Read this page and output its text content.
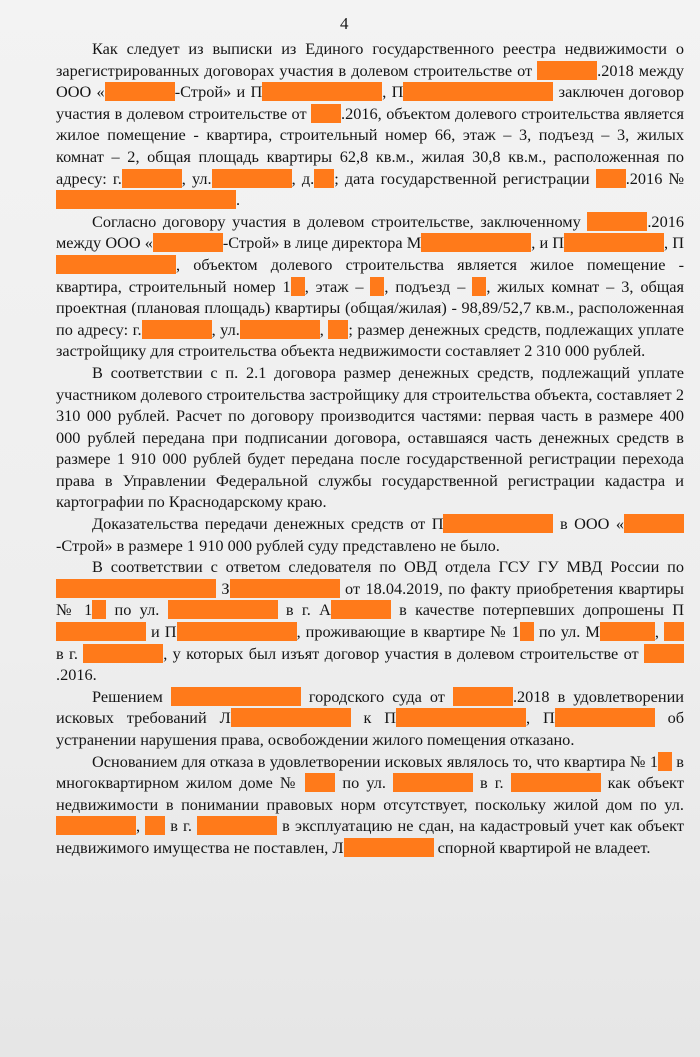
4

Как следует из выписки из Единого государственного реестра недвижимости о зарегистрированных договорах участия в долевом строительстве от	.2018 между ООО «	-Строй» и П	, П	заключен договор участия в долевом строительстве от .2016, объектом долевого строительства является жилое помещение - квартира, строительный номер 66, этаж – 3, подъезд – 3, жилых комнат – 2, общая площадь квартиры 62,8 кв.м., жилая 30,8 кв.м., расположенная по адресу: г.	, ул.	, д. ; дата государственной регистрации .2016 №.

Согласно договору участия в долевом строительстве, заключенному	.2016 между ООО «	-Строй» в лице директора М	, и П	, П, объектом долевого строительства является жилое помещение - квартира, строительный номер 1 , этаж – , подъезд – , жилых комнат – 3, общая проектная (плановая площадь) квартиры (общая/жилая) - 98,89/52,7 кв.м., расположенная по адресу: г.	, ул.	, ; размер денежных средств, подлежащих уплате застройщику для строительства объекта недвижимости составляет 2 310 000 рублей.

В соответствии с п. 2.1 договора размер денежных средств, подлежащий уплате участником долевого строительства застройщику для строительства объекта, составляет 2 310 000 рублей. Расчет по договору производится частями: первая часть в размере 400 000 рублей передана при подписании договора, оставшаяся часть денежных средств в размере 1 910 000 рублей будет передана после государственной регистрации перехода права в Управлении Федеральной службы государственной регистрации кадастра и картографии по Краснодарскому краю.

Доказательства передачи денежных средств от П	в ООО «-Строй» в размере 1 910 000 рублей суду представлено не было.

В соответствии с ответом следователя по ОВД отдела ГСУ ГУ МВД России по  З	от 18.04.2019, по факту приобретения квартиры № 1 по ул.	в г. А	в качестве потерпевших допрошены П и П	, проживающие в квартире № 1 по ул. М	,  в г.	, у которых был изъят договор участия в долевом строительстве от .2016.

Решением	городского суда от	.2018 в удовлетворении исковых требований Л	к П	, П	об устранении нарушения права, освобождении жилого помещения отказано.

Основанием для отказа в удовлетворении исковых являлось то, что квартира № 1 в многоквартирном жилом доме №  по ул.	в г.	как объект недвижимости в понимании правовых норм отсутствует, поскольку жилой дом по ул. ,  в г.	в эксплуатацию не сдан, на кадастровый учет как объект недвижимого имущества не поставлен, Л	спорной квартирой не владеет.
